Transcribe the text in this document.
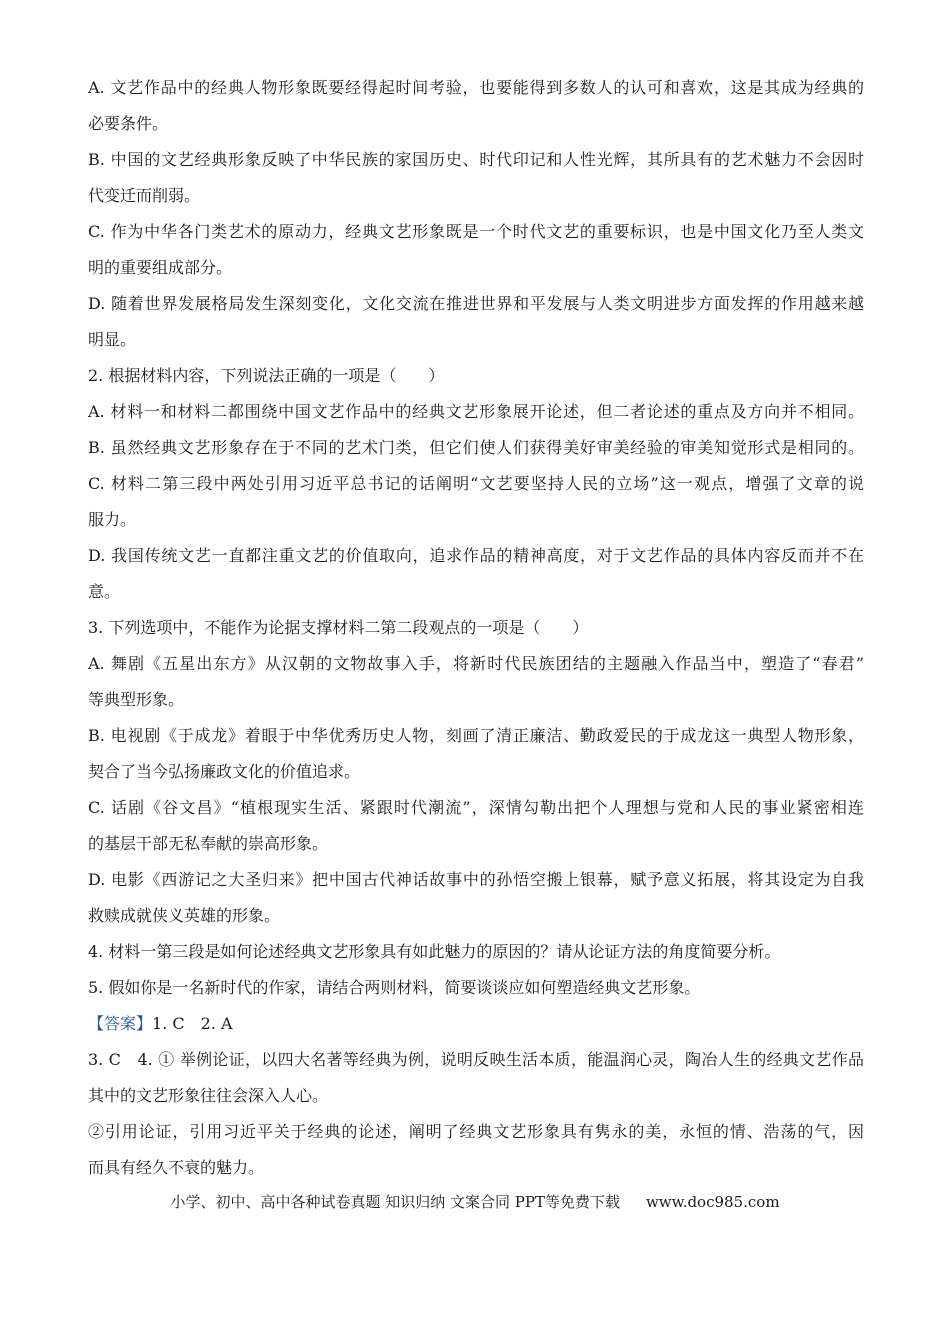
A. 文艺作品中的经典人物形象既要经得起时间考验，也要能得到多数人的认可和喜欢，这是其成为经典的
必要条件。
B. 中国的文艺经典形象反映了中华民族的家国历史、时代印记和人性光辉，其所具有的艺术魅力不会因时
代变迁而削弱。
C. 作为中华各门类艺术的原动力，经典文艺形象既是一个时代文艺的重要标识，也是中国文化乃至人类文
明的重要组成部分。
D. 随着世界发展格局发生深刻变化，文化交流在推进世界和平发展与人类文明进步方面发挥的作用越来越
明显。
2. 根据材料内容，下列说法正确的一项是（　　）
A. 材料一和材料二都围绕中国文艺作品中的经典文艺形象展开论述，但二者论述的重点及方向并不相同。
B. 虽然经典文艺形象存在于不同的艺术门类，但它们使人们获得美好审美经验的审美知觉形式是相同的。
C. 材料二第三段中两处引用习近平总书记的话阐明“文艺要坚持人民的立场”这一观点，增强了文章的说
服力。
D. 我国传统文艺一直都注重文艺的价值取向，追求作品的精神高度，对于文艺作品的具体内容反而并不在
意。
3. 下列选项中，不能作为论据支撑材料二第二段观点的一项是（　　）
A. 舞剧《五星出东方》从汉朝的文物故事入手，将新时代民族团结的主题融入作品当中，塑造了“春君”
等典型形象。
B. 电视剧《于成龙》着眼于中华优秀历史人物，刻画了清正廉洁、勤政爱民的于成龙这一典型人物形象，
契合了当今弘扬廉政文化的价值追求。
C. 话剧《谷文昌》“植根现实生活、紧跟时代潮流”，深情勾勒出把个人理想与党和人民的事业紧密相连
的基层干部无私奉献的崇高形象。
D. 电影《西游记之大圣归来》把中国古代神话故事中的孙悟空搬上银幕，赋予意义拓展，将其设定为自我
救赎成就侠义英雄的形象。
4. 材料一第三段是如何论述经典文艺形象具有如此魅力的原因的？请从论证方法的角度简要分析。
5. 假如你是一名新时代的作家，请结合两则材料，简要谈谈应如何塑造经典文艺形象。
【答案】1. C　2. A
3. C　4. ① 举例论证，以四大名著等经典为例，说明反映生活本质，能温润心灵，陶冶人生的经典文艺作品
其中的文艺形象往往会深入人心。
②引用论证，引用习近平关于经典的论述，阐明了经典文艺形象具有隽永的美，永恒的情、浩荡的气，因
而具有经久不衰的魅力。
小学、初中、高中各种试卷真题 知识归纳 文案合同 PPT等免费下载 www.doc985.com
